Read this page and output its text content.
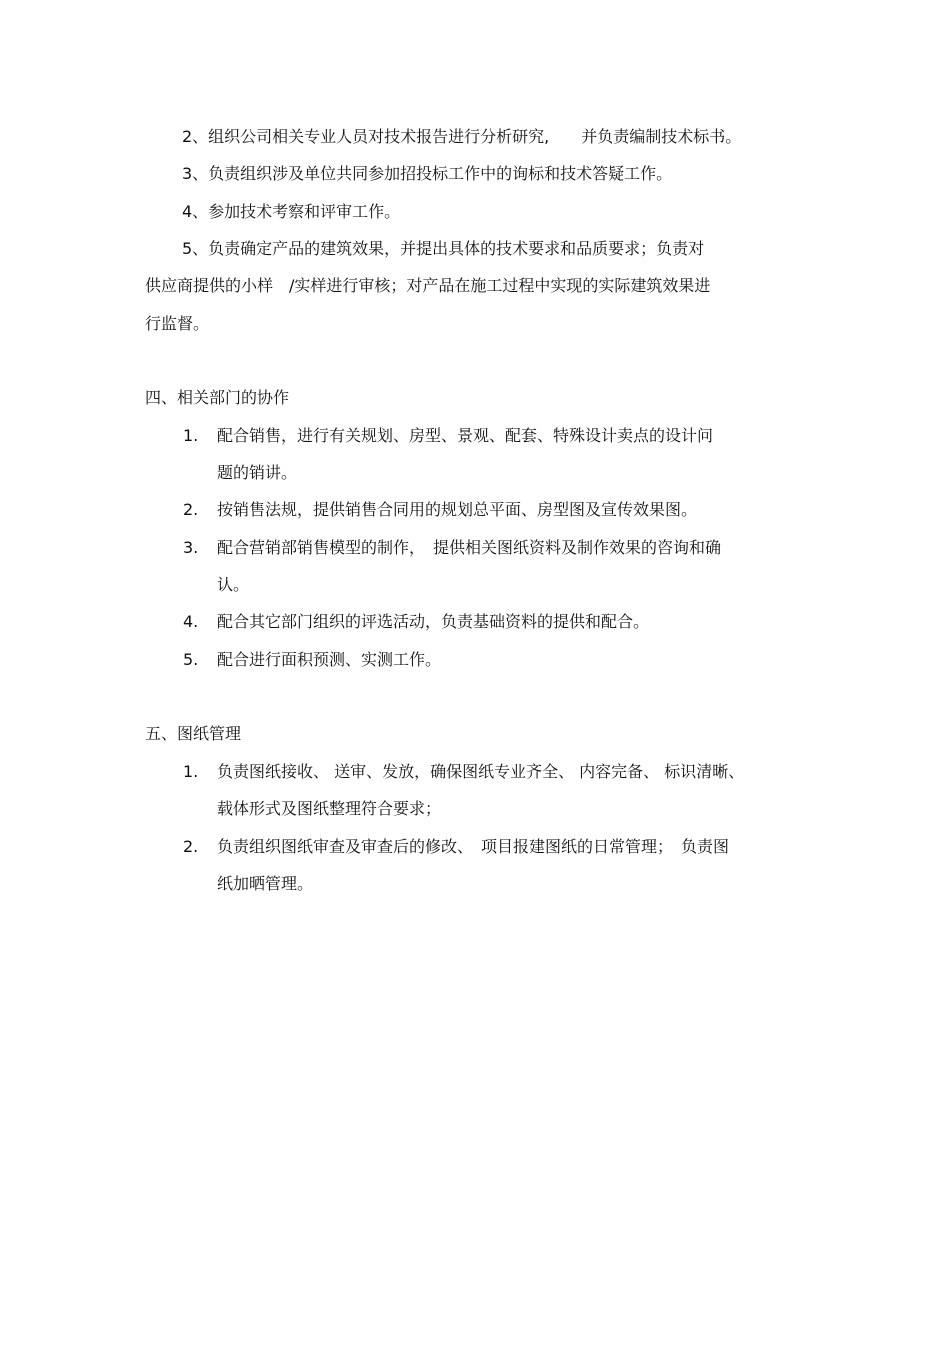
2、组织公司相关专业人员对技术报告进行分析研究,　　并负责编制技术标书。
3、负责组织涉及单位共同参加招投标工作中的询标和技术答疑工作。
4、参加技术考察和评审工作。
5、负责确定产品的建筑效果，并提出具体的技术要求和品质要求；负责对
供应商提供的小样　/实样进行审核；对产品在施工过程中实现的实际建筑效果进
行监督。
四、相关部门的协作
1. 配合销售，进行有关规划、房型、景观、配套、特殊设计卖点的设计问
题的销讲。
2. 按销售法规，提供销售合同用的规划总平面、房型图及宣传效果图。
3. 配合营销部销售模型的制作，　提供相关图纸资料及制作效果的咨询和确
认。
4. 配合其它部门组织的评选活动，负责基础资料的提供和配合。
5. 配合进行面积预测、实测工作。
五、图纸管理
1. 负责图纸接收、 送审、发放，确保图纸专业齐全、 内容完备、 标识清晰、
载体形式及图纸整理符合要求；
2. 负责组织图纸审查及审查后的修改、　项目报建图纸的日常管理；　负责图
纸加晒管理。
